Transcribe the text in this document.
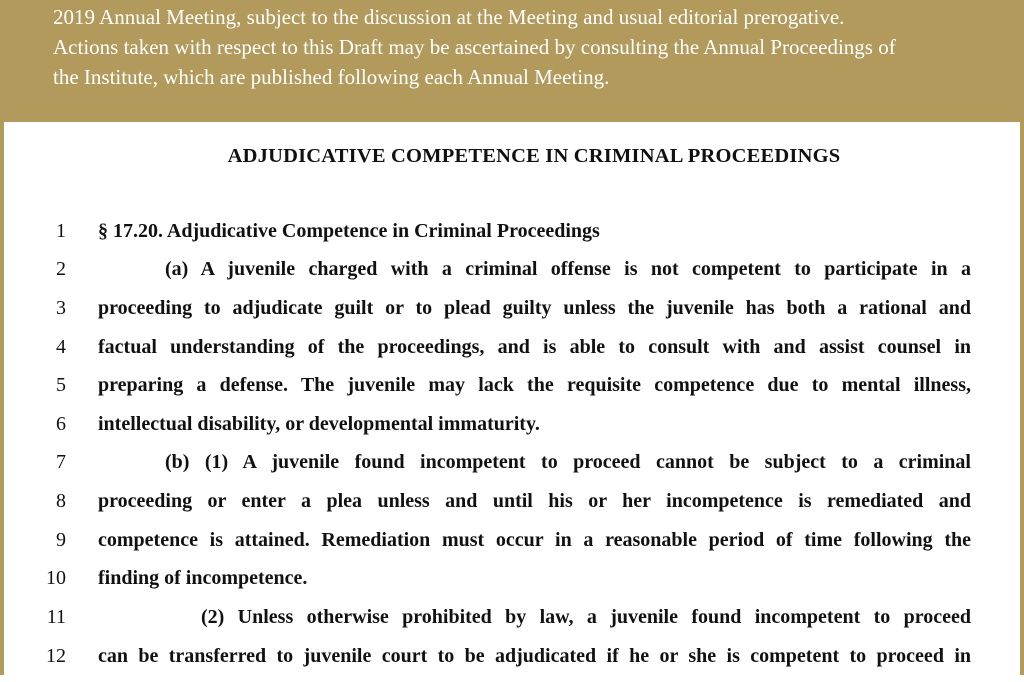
2019 Annual Meeting, subject to the discussion at the Meeting and usual editorial prerogative.
Actions taken with respect to this Draft may be ascertained by consulting the Annual Proceedings of
the Institute, which are published following each Annual Meeting.
ADJUDICATIVE COMPETENCE IN CRIMINAL PROCEEDINGS
1 § 17.20. Adjudicative Competence in Criminal Proceedings
2	(a) A juvenile charged with a criminal offense is not competent to participate in a
3 proceeding to adjudicate guilt or to plead guilty unless the juvenile has both a rational and
4 factual understanding of the proceedings, and is able to consult with and assist counsel in
5 preparing a defense. The juvenile may lack the requisite competence due to mental illness,
6 intellectual disability, or developmental immaturity.
7	(b) (1) A juvenile found incompetent to proceed cannot be subject to a criminal
8 proceeding or enter a plea unless and until his or her incompetence is remediated and
9 competence is attained. Remediation must occur in a reasonable period of time following the
10 finding of incompetence.
11	(2) Unless otherwise prohibited by law, a juvenile found incompetent to proceed
12 can be transferred to juvenile court to be adjudicated if he or she is competent to proceed in
